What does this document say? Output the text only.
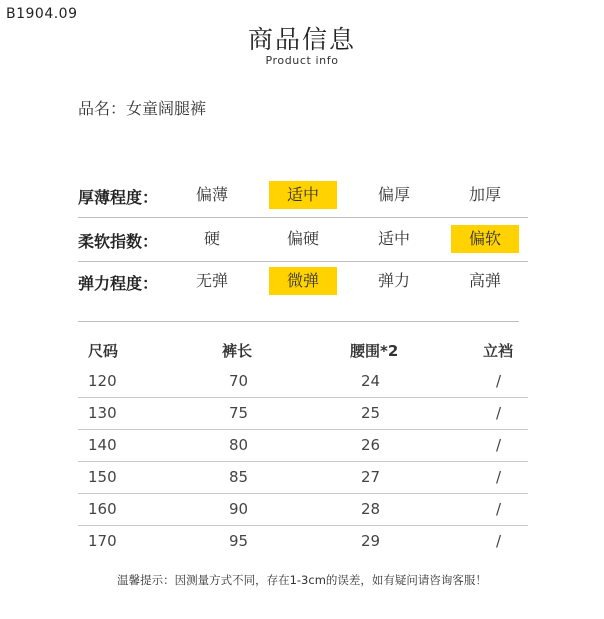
B1904.09
商品信息
Product info
品名：女童阔腿裤
厚薄程度：	偏薄	适中	偏厚	加厚
柔软指数：	硬	偏硬	适中	偏软
弹力程度：	无弹	微弹	弹力	高弹
尺码	裤长	腰围*2	立裆
120	70	24	/
130	75	25	/
140	80	26	/
150	85	27	/
160	90	28	/
170	95	29	/
温馨提示：因测量方式不同，存在1-3cm的误差，如有疑问请咨询客服！
